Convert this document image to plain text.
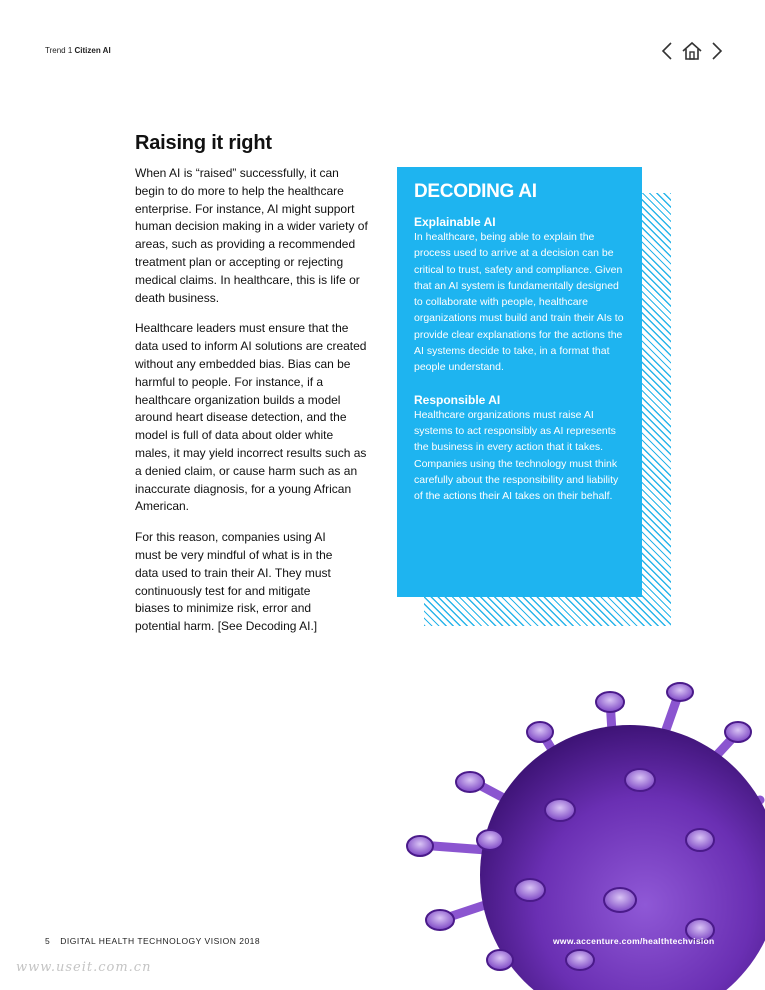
Trend 1 Citizen AI
Raising it right

When AI is “raised” successfully, it can begin to do more to help the healthcare enterprise. For instance, AI might support human decision making in a wider variety of areas, such as providing a recommended treatment plan or accepting or rejecting medical claims. In healthcare, this is life or death business.

Healthcare leaders must ensure that the data used to inform AI solutions are created without any embedded bias. Bias can be harmful to people. For instance, if a healthcare organization builds a model around heart disease detection, and the model is full of data about older white males, it may yield incorrect results such as a denied claim, or cause harm such as an inaccurate diagnosis, for a young African American.

For this reason, companies using AI must be very mindful of what is in the data used to train their AI. They must continuously test for and mitigate biases to minimize risk, error and potential harm. [See Decoding AI.]

DECODING AI
Explainable AI

In healthcare, being able to explain the process used to arrive at a decision can be critical to trust, safety and compliance. Given that an AI system is fundamentally designed to collaborate with people, healthcare organizations must build and train their AIs to provide clear explanations for the actions the AI systems decide to take, in a format that people understand.

Responsible AI

Healthcare organizations must raise AI systems to act responsibly as AI represents the business in every action that it takes. Companies using the technology must think carefully about the responsibility and liability of the actions their AI takes on their behalf.

5 DIGITAL HEALTH TECHNOLOGY VISION 2018	www.accenture.com/healthtechvision
www.useit.com.cn
